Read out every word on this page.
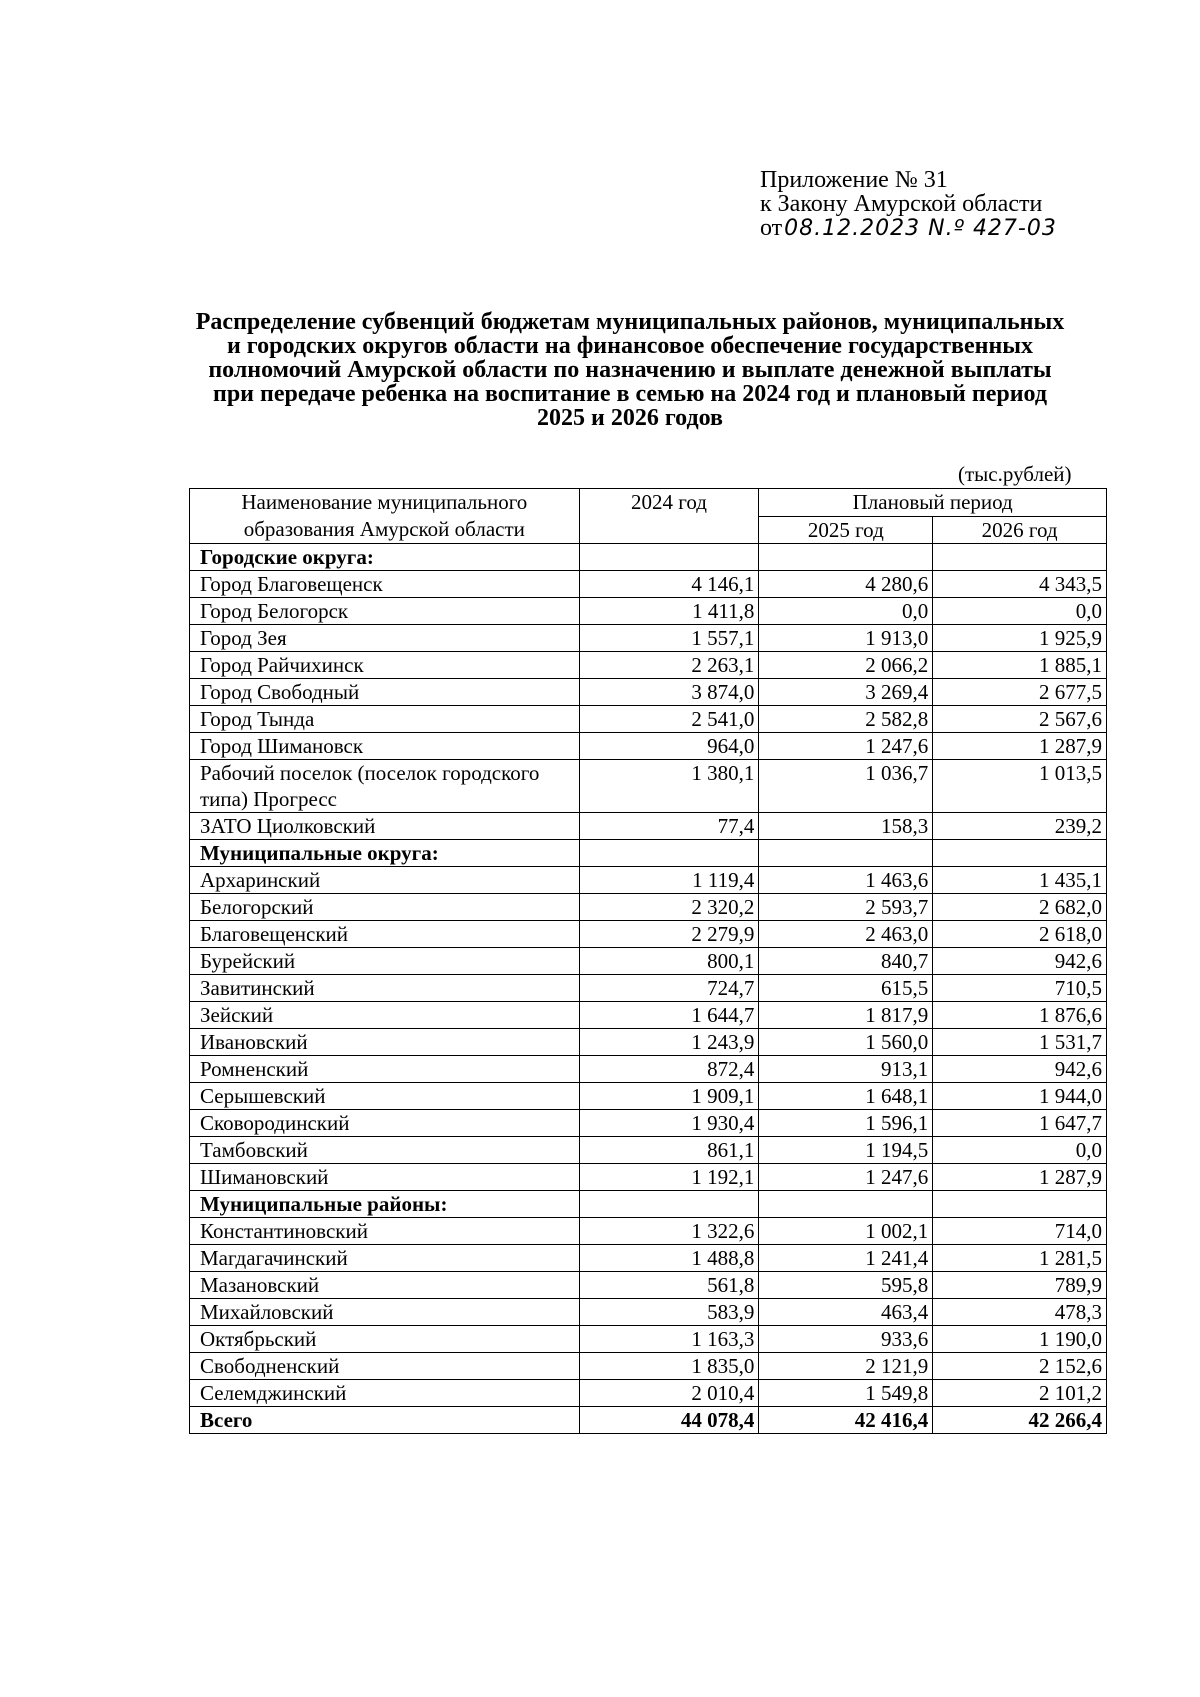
Приложение № 31
к Закону Амурской области
от08.12.2023 N.º 427-03
Распределение субвенций бюджетам муниципальных районов, муниципальных и городских округов области на финансовое обеспечение государственных полномочий Амурской области по назначению и выплате денежной выплаты при передаче ребенка на воспитание в семью на 2024 год и плановый период 2025 и 2026 годов
(тыс.рублей)
Наименование муниципального образования Амурской области	2024 год	Плановый период	
		2025 год	2026 год
Городские округа:			
Город Благовещенск	4 146,1	4 280,6	4 343,5
Город Белогорск	1 411,8	0,0	0,0
Город Зея	1 557,1	1 913,0	1 925,9
Город Райчихинск	2 263,1	2 066,2	1 885,1
Город Свободный	3 874,0	3 269,4	2 677,5
Город Тында	2 541,0	2 582,8	2 567,6
Город Шимановск	964,0	1 247,6	1 287,9
Рабочий поселок (поселок городского типа) Прогресс	1 380,1	1 036,7	1 013,5
ЗАТО Циолковский	77,4	158,3	239,2
Муниципальные округа:			
Архаринский	1 119,4	1 463,6	1 435,1
Белогорский	2 320,2	2 593,7	2 682,0
Благовещенский	2 279,9	2 463,0	2 618,0
Бурейский	800,1	840,7	942,6
Завитинский	724,7	615,5	710,5
Зейский	1 644,7	1 817,9	1 876,6
Ивановский	1 243,9	1 560,0	1 531,7
Ромненский	872,4	913,1	942,6
Серышевский	1 909,1	1 648,1	1 944,0
Сковородинский	1 930,4	1 596,1	1 647,7
Тамбовский	861,1	1 194,5	0,0
Шимановский	1 192,1	1 247,6	1 287,9
Муниципальные районы:			
Константиновский	1 322,6	1 002,1	714,0
Магдагачинский	1 488,8	1 241,4	1 281,5
Мазановский	561,8	595,8	789,9
Михайловский	583,9	463,4	478,3
Октябрьский	1 163,3	933,6	1 190,0
Свободненский	1 835,0	2 121,9	2 152,6
Селемджинский	2 010,4	1 549,8	2 101,2
Всего	44 078,4	42 416,4	42 266,4
